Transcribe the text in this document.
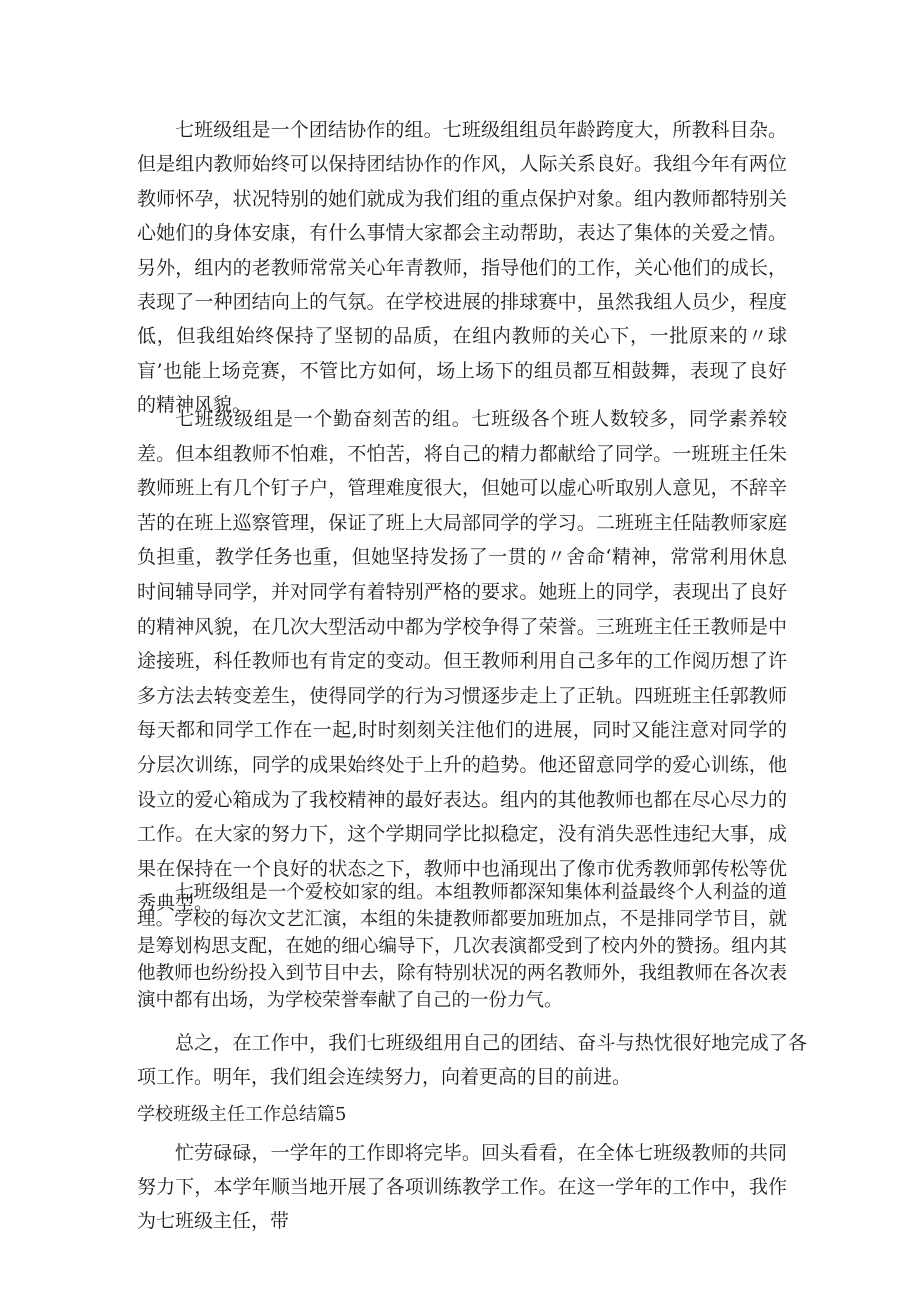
七班级组是一个团结协作的组。七班级组组员年龄跨度大，所教科目杂。但是组内教师始终可以保持团结协作的作风，人际关系良好。我组今年有两位教师怀孕，状况特别的她们就成为我们组的重点保护对象。组内教师都特别关心她们的身体安康，有什么事情大家都会主动帮助，表达了集体的关爱之情。另外，组内的老教师常常关心年青教师，指导他们的工作，关心他们的成长，表现了一种团结向上的气氛。在学校进展的排球赛中，虽然我组人员少，程度低，但我组始终保持了坚韧的品质，在组内教师的关心下，一批原来的〃球盲’也能上场竞赛，不管比方如何，场上场下的组员都互相鼓舞，表现了良好的精神风貌。

七班级级组是一个勤奋刻苦的组。七班级各个班人数较多，同学素养较差。但本组教师不怕难，不怕苦，将自己的精力都献给了同学。一班班主任朱教师班上有几个钉子户，管理难度很大，但她可以虚心听取别人意见，不辞辛苦的在班上巡察管理，保证了班上大局部同学的学习。二班班主任陆教师家庭负担重，教学任务也重，但她坚持发扬了一贯的〃舍命‘精神，常常利用休息时间辅导同学，并对同学有着特别严格的要求。她班上的同学，表现出了良好的精神风貌，在几次大型活动中都为学校争得了荣誉。三班班主任王教师是中途接班，科任教师也有肯定的变动。但王教师利用自己多年的工作阅历想了许多方法去转变差生，使得同学的行为习惯逐步走上了正轨。四班班主任郭教师每天都和同学工作在一起,时时刻刻关注他们的进展，同时又能注意对同学的分层次训练，同学的成果始终处于上升的趋势。他还留意同学的爱心训练，他设立的爱心箱成为了我校精神的最好表达。组内的其他教师也都在尽心尽力的工作。在大家的努力下，这个学期同学比拟稳定，没有消失恶性违纪大事，成果在保持在一个良好的状态之下，教师中也涌现出了像市优秀教师郭传松等优秀典型。

七班级组是一个爱校如家的组。本组教师都深知集体利益最终个人利益的道理。学校的每次文艺汇演，本组的朱捷教师都要加班加点，不是排同学节目，就是筹划构思支配，在她的细心编导下，几次表演都受到了校内外的赞扬。组内其他教师也纷纷投入到节目中去，除有特别状况的两名教师外，我组教师在各次表演中都有出场，为学校荣誉奉献了自己的一份力气。

总之，在工作中，我们七班级组用自己的团结、奋斗与热忱很好地完成了各项工作。明年，我们组会连续努力，向着更高的目的前进。

学校班级主任工作总结篇5

忙劳碌碌，一学年的工作即将完毕。回头看看，在全体七班级教师的共同努力下，本学年顺当地开展了各项训练教学工作。在这一学年的工作中，我作为七班级主任，带
